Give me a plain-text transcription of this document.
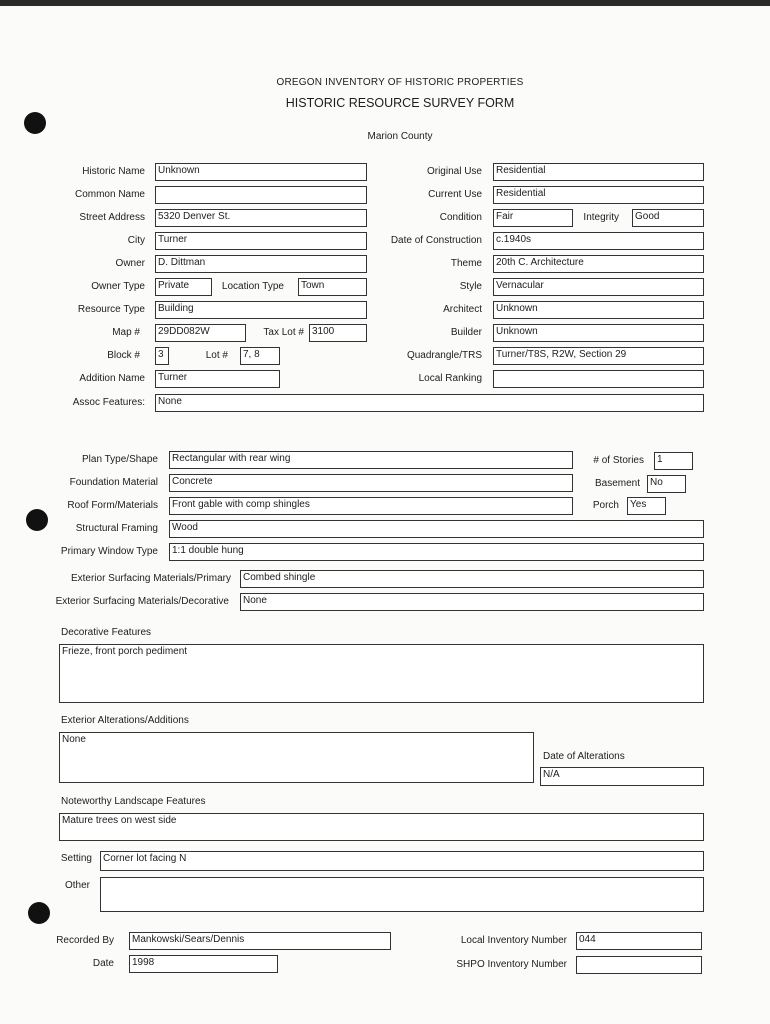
OREGON INVENTORY OF HISTORIC PROPERTIES
HISTORIC RESOURCE SURVEY FORM
Marion County
Historic Name	Unknown
Common Name
Street Address	5320 Denver St.
City	Turner
Owner	D. Dittman
Owner Type	Private	Location Type	Town
Resource Type	Building
Map #	29DD082W	Tax Lot # 3100
Block #	3	Lot #	7, 8
Addition Name	Turner
Assoc Features:	None
Original Use	Residential
Current Use	Residential
Condition	Fair	Integrity	Good
Date of Construction	c.1940s
Theme	20th C. Architecture
Style	Vernacular
Architect	Unknown
Builder	Unknown
Quadrangle/TRS	Turner/T8S, R2W, Section 29
Local Ranking
Plan Type/Shape	Rectangular with rear wing
Foundation Material	Concrete
Roof Form/Materials	Front gable with comp shingles
Structural Framing	Wood
Primary Window Type	1:1 double hung
# of Stories	1
Basement	No
Porch	Yes
Exterior Surfacing Materials/Primary	Combed shingle
Exterior Surfacing Materials/Decorative	None
Decorative Features
Frieze, front porch pediment
Exterior Alterations/Additions
None
Date of Alterations
N/A
Noteworthy Landscape Features
Mature trees on west side
Setting	Corner lot facing N
Other
Recorded By	Mankowski/Sears/Dennis
Date	1998
Local Inventory Number	044
SHPO Inventory Number
